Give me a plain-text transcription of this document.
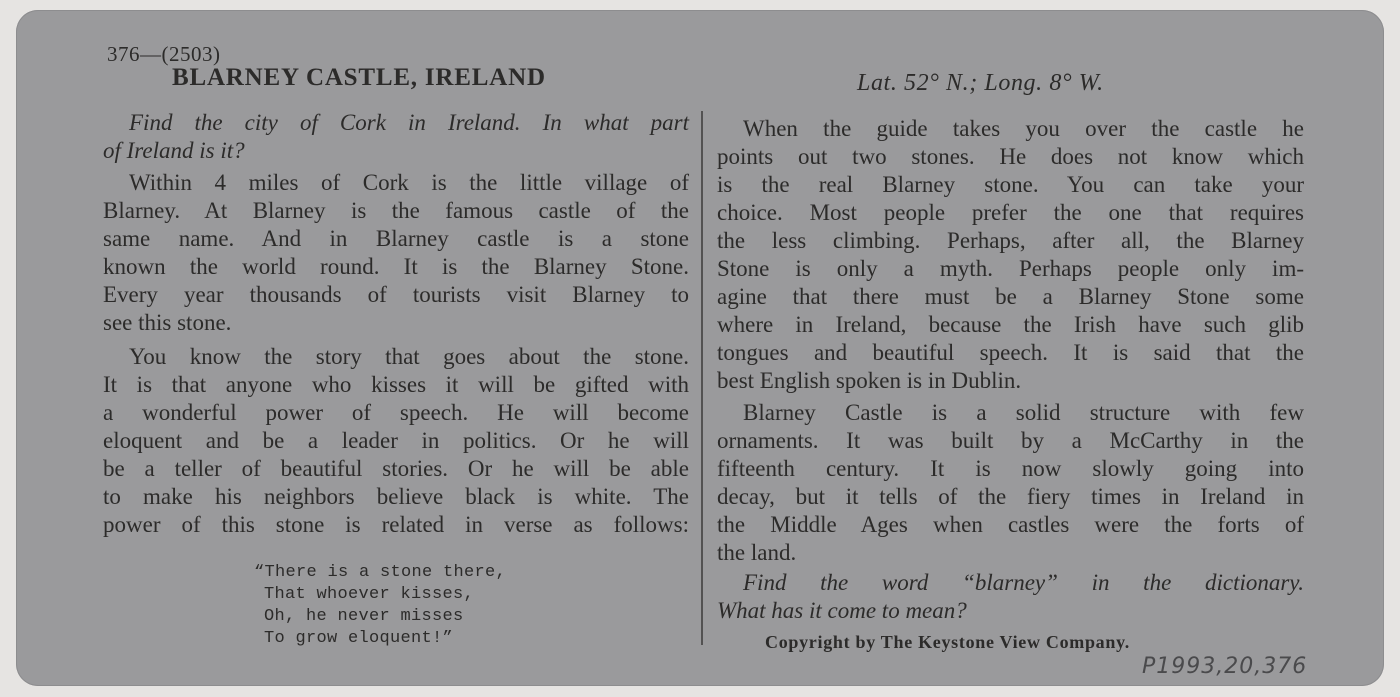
376—(2503)
BLARNEY CASTLE, IRELAND	Lat. 52° N.; Long. 8° W.

Find the city of Cork in Ireland. In what part

of Ireland is it?

Within 4 miles of Cork is the little village of

Blarney. At Blarney is the famous castle of the

same name. And in Blarney castle is a stone

known the world round. It is the Blarney Stone.

Every year thousands of tourists visit Blarney to

see this stone.

You know the story that goes about the stone.

It is that anyone who kisses it will be gifted with

a wonderful power of speech. He will become

eloquent and be a leader in politics. Or he will

be a teller of beautiful stories. Or he will be able

to make his neighbors believe black is white. The

power of this stone is related in verse as follows:

“There is a stone there,
That whoever kisses,
Oh, he never misses
To grow eloquent!”

When the guide takes you over the castle he

points out two stones. He does not know which

is the real Blarney stone. You can take your

choice. Most people prefer the one that requires

the less climbing. Perhaps, after all, the Blarney

Stone is only a myth. Perhaps people only im-

agine that there must be a Blarney Stone some

where in Ireland, because the Irish have such glib

tongues and beautiful speech. It is said that the

best English spoken is in Dublin.

Blarney Castle is a solid structure with few

ornaments. It was built by a McCarthy in the

fifteenth century. It is now slowly going into

decay, but it tells of the fiery times in Ireland in

the Middle Ages when castles were the forts of

the land.

Find the word “blarney” in the dictionary.

What has it come to mean?

Copyright by The Keystone View Company.
P1993,20,376
